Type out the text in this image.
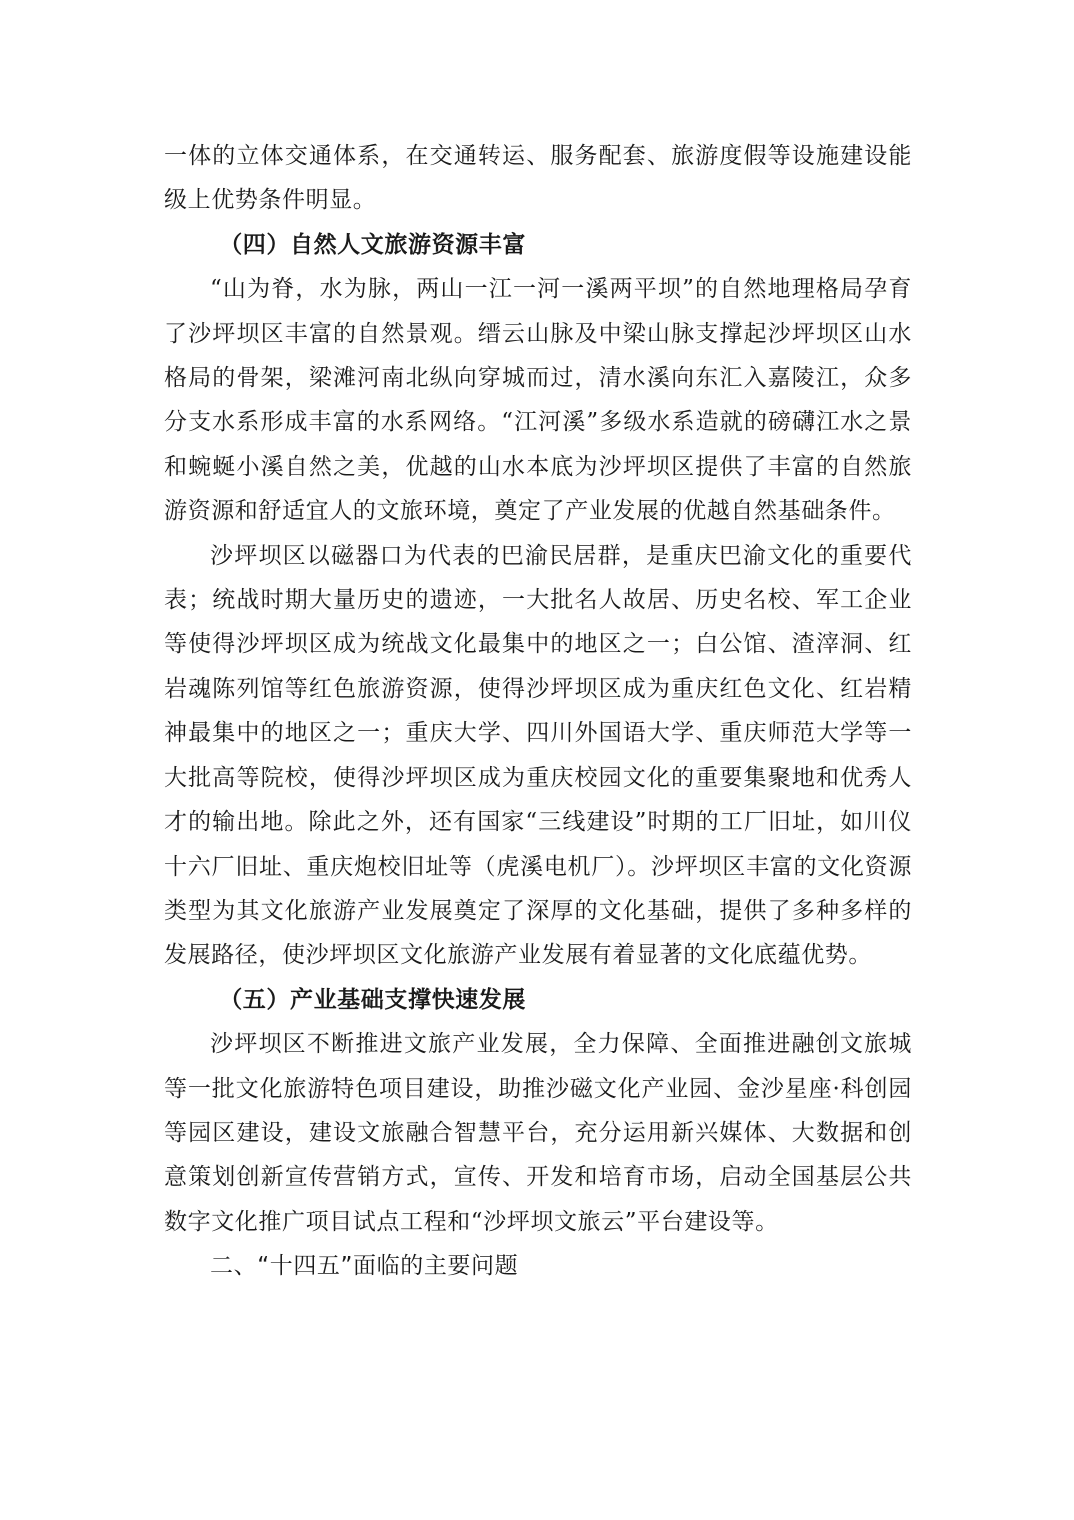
一体的立体交通体系，在交通转运、服务配套、旅游度假等设施建设能级上优势条件明显。

（四）自然人文旅游资源丰富

“山为脊，水为脉，两山一江一河一溪两平坝”的自然地理格局孕育了沙坪坝区丰富的自然景观。缙云山脉及中梁山脉支撑起沙坪坝区山水格局的骨架，梁滩河南北纵向穿城而过，清水溪向东汇入嘉陵江，众多分支水系形成丰富的水系网络。“江河溪”多级水系造就的磅礴江水之景和蜿蜒小溪自然之美，优越的山水本底为沙坪坝区提供了丰富的自然旅游资源和舒适宜人的文旅环境，奠定了产业发展的优越自然基础条件。

沙坪坝区以磁器口为代表的巴渝民居群，是重庆巴渝文化的重要代表；统战时期大量历史的遗迹，一大批名人故居、历史名校、军工企业等使得沙坪坝区成为统战文化最集中的地区之一；白公馆、渣滓洞、红岩魂陈列馆等红色旅游资源，使得沙坪坝区成为重庆红色文化、红岩精神最集中的地区之一；重庆大学、四川外国语大学、重庆师范大学等一大批高等院校，使得沙坪坝区成为重庆校园文化的重要集聚地和优秀人才的输出地。除此之外，还有国家“三线建设”时期的工厂旧址，如川仪十六厂旧址、重庆炮校旧址等（虎溪电机厂）。沙坪坝区丰富的文化资源类型为其文化旅游产业发展奠定了深厚的文化基础，提供了多种多样的发展路径，使沙坪坝区文化旅游产业发展有着显著的文化底蕴优势。

（五）产业基础支撑快速发展

沙坪坝区不断推进文旅产业发展，全力保障、全面推进融创文旅城等一批文化旅游特色项目建设，助推沙磁文化产业园、金沙星座·科创园等园区建设，建设文旅融合智慧平台，充分运用新兴媒体、大数据和创意策划创新宣传营销方式，宣传、开发和培育市场，启动全国基层公共数字文化推广项目试点工程和“沙坪坝文旅云”平台建设等。

二、“十四五”面临的主要问题
